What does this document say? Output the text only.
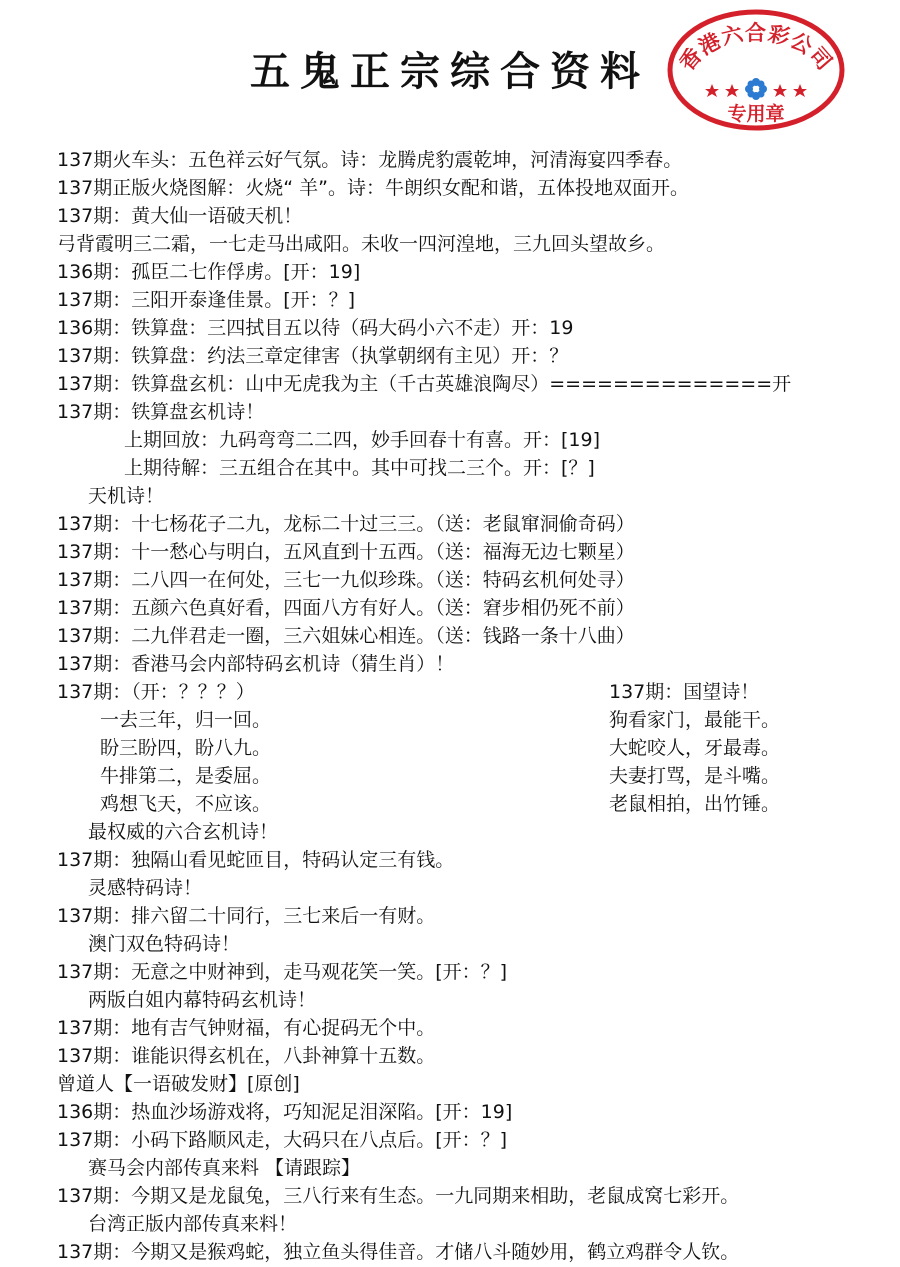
五鬼正宗综合资料	香港六合彩公司
专用章
137期火车头：五色祥云好气氛。诗：龙腾虎豹震乾坤，河清海宴四季春。
137期正版火烧图解：火烧“ 羊”。诗：牛朗织女配和谐，五体投地双面开。
137期：黄大仙一语破天机！
弓背霞明三二霜，一七走马出咸阳。未收一四河湟地，三九回头望故乡。
136期：孤臣二七作俘虏。[开：19]
137期：三阳开泰逢佳景。[开：？]
136期：铁算盘：三四拭目五以待（码大码小六不走）开：19
137期：铁算盘：约法三章定律害（执掌朝纲有主见）开：？
137期：铁算盘玄机：山中无虎我为主（千古英雄浪陶尽）==============开
137期：铁算盘玄机诗！
上期回放：九码弯弯二二四，妙手回春十有喜。开：[19]
上期待解：三五组合在其中。其中可找二三个。开：[？]
天机诗！
137期：十七杨花子二九，龙标二十过三三。（送：老鼠窜洞偷奇码）
137期：十一愁心与明白，五风直到十五西。（送：福海无边七颗星）
137期：二八四一在何处，三七一九似珍珠。（送：特码玄机何处寻）
137期：五颜六色真好看，四面八方有好人。（送：窘步相仍死不前）
137期：二九伴君走一圈，三六姐妹心相连。（送：钱路一条十八曲）
137期：香港马会内部特码玄机诗（猜生肖）！
137期：（开：？？？）
一去三年，归一回。
盼三盼四，盼八九。
牛排第二，是委屈。
鸡想飞天，不应该。
137期：国望诗！
狗看家门，最能干。
大蛇咬人，牙最毒。
夫妻打骂，是斗嘴。
老鼠相拍，出竹锤。
最权威的六合玄机诗！
137期：独隔山看见蛇匝目，特码认定三有钱。
灵感特码诗！
137期：排六留二十同行，三七来后一有财。
澳门双色特码诗！
137期：无意之中财神到，走马观花笑一笑。[开：？]
两版白姐内幕特码玄机诗！
137期：地有吉气钟财福，有心捉码无个中。
137期：谁能识得玄机在，八卦神算十五数。
曾道人【一语破发财】[原创]
136期：热血沙场游戏将，巧知泥足泪深陷。[开：19]
137期：小码下路顺风走，大码只在八点后。[开：？]
赛马会内部传真来料 【请跟踪】
137期：今期又是龙鼠兔，三八行来有生态。一九同期来相助，老鼠成窝七彩开。
台湾正版内部传真来料！
137期：今期又是猴鸡蛇，独立鱼头得佳音。才储八斗随妙用，鹤立鸡群令人钦。
